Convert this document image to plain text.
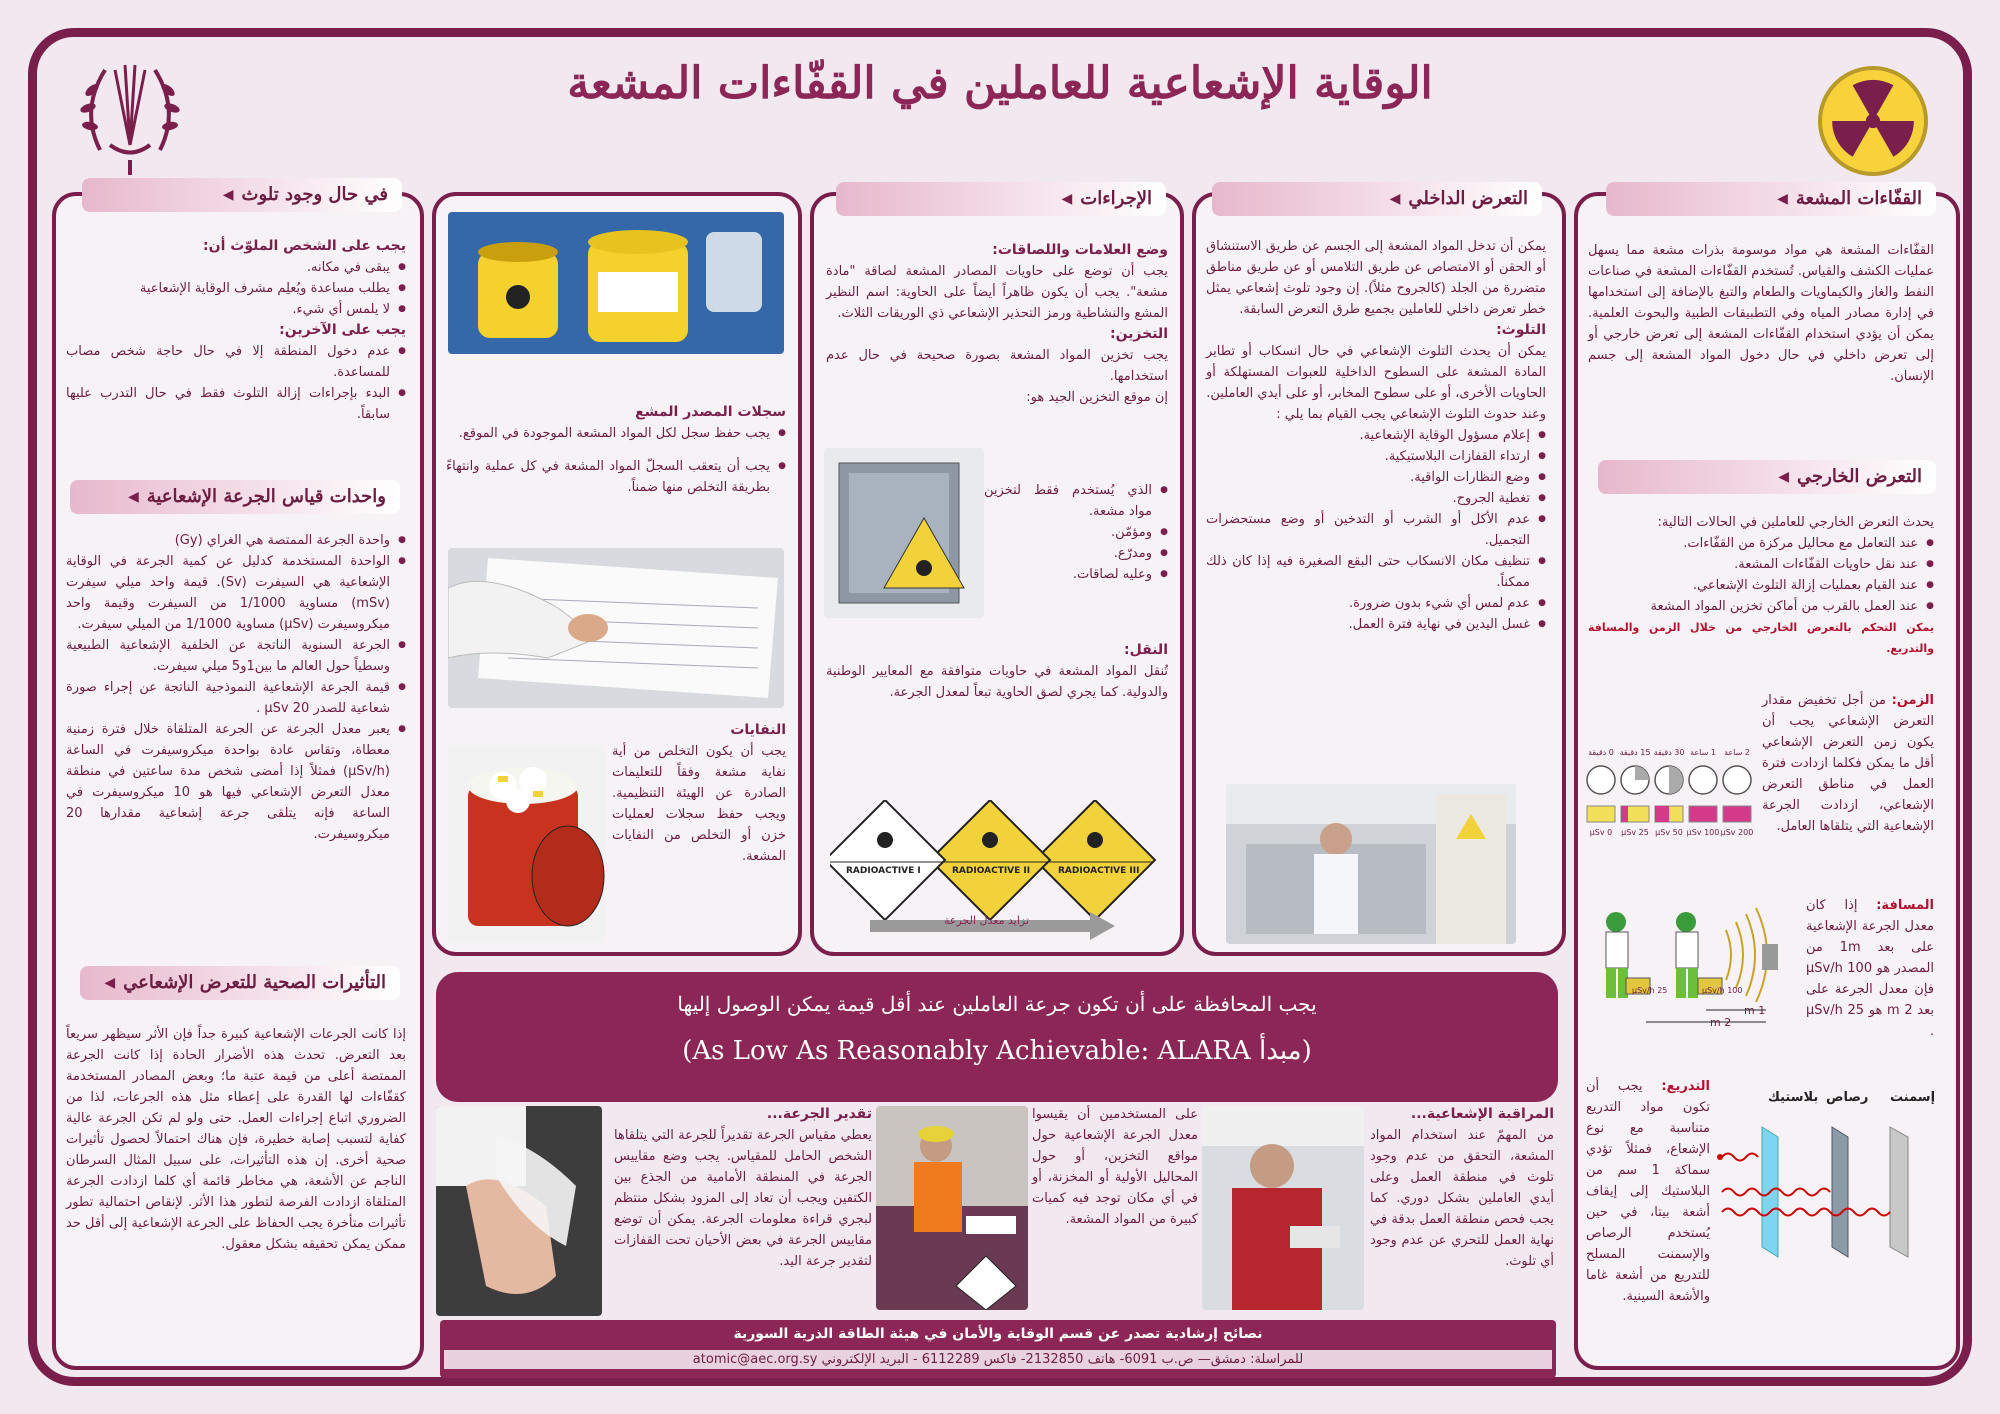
الوقاية الإشعاعية للعاملين في القفّاءات المشعة
القفّاءات المشعة
◀
القفّاءات المشعة هي مواد موسومة بذرات مشعة مما يسهل عمليات الكشف والقياس. تُستخدم القفّاءات المشعة في صناعات النفط والغاز والكيماويات والطعام والتبغ بالإضافة إلى استخدامها في إدارة مصادر المياه وفي التطبيقات الطبية والبحوث العلمية. يمكن أن يؤدي استخدام القفّاءات المشعة إلى تعرض خارجي أو إلى تعرض داخلي في حال دخول المواد المشعة إلى جسم الإنسان.
التعرض الخارجي
◀

يحدث التعرض الخارجي للعاملين في الحالات التالية:

● عند التعامل مع محاليل مركزة من القفّاءات.
● عند نقل حاويات القفّاءات المشعة.
● عند القيام بعمليات إزالة التلوث الإشعاعي.
● عند العمل بالقرب من أماكن تخزين المواد المشعة

يمكن التحكم بالتعرض الخارجي من خلال الزمن والمسافة والتدريع.

الزمن: من أجل تخفيض مقدار التعرض الإشعاعي يجب أن يكون زمن التعرض الإشعاعي أقل ما يمكن فكلما ازدادت فترة العمل في مناطق التعرض الإشعاعي، ازدادت الجرعة الإشعاعية التي يتلقاها العامل.
0 دقيقة 15 دقيقة 30 دقيقة 1 ساعة	2 ساعة
0 µSv	25 µSv 50 µSv 100 µSv 200 µSv
المسافة: إذا كان معدل الجرعة الإشعاعية على بعد 1m من المصدر هو 100 µSv/h فإن معدل الجرعة على بعد 2 m هو 25 µSv/h .
1 m
2 m
25 µSv/h	100 µSv/h
التدريع: يجب أن تكون مواد التدريع متناسبة مع نوع الإشعاع، فمثلاً تؤدي سماكة 1 سم من البلاستيك إلى إيقاف أشعة بيتا، في حين يُستخدم الرصاص والإسمنت المسلح للتدريع من أشعة غاما والأشعة السينية.
إسمنت
رصاص
بلاستيك
التعرض الداخلي
◀

يمكن أن تدخل المواد المشعة إلى الجسم عن طريق الاستنشاق أو الحقن أو الامتصاص عن طريق التلامس أو عن طريق مناطق متضررة من الجلد (كالجروح مثلاً). إن وجود تلوث إشعاعي يمثل خطر تعرض داخلي للعاملين بجميع طرق التعرض السابقة.

التلوث:

يمكن أن يحدث التلوث الإشعاعي في حال انسكاب أو تطاير المادة المشعة على السطوح الداخلية للعبوات المستهلكة أو الحاويات الأخرى، أو على سطوح المخابر، أو على أيدي العاملين.

وعند حدوث التلوث الإشعاعي يجب القيام بما يلي :

● إعلام مسؤول الوقاية الإشعاعية.
● ارتداء القفازات البلاستيكية.
● وضع النظارات الواقية.
● تغطية الجروح.
● عدم الأكل أو الشرب أو التدخين أو وضع مستحضرات التجميل.
● تنظيف مكان الانسكاب حتى البقع الصغيرة فيه إذا كان ذلك ممكناً.
● عدم لمس أي شيء بدون ضرورة.
● غسل اليدين في نهاية فترة العمل.
الإجراءات
◀

وضع العلامات واللصاقات:

يجب أن توضع على حاويات المصادر المشعة لصاقة "مادة مشعة". يجب أن يكون ظاهراً أيضاً على الحاوية: اسم النظير المشع والنشاطية ورمز التحذير الإشعاعي ذي الوريقات الثلاث.

التخزين:

يجب تخزين المواد المشعة بصورة صحيحة في حال عدم استخدامها.

إن موقع التخزين الجيد هو:

● الذي يُستخدم فقط لتخزين مواد مشعة.
● ومؤمّن.
● ومدرّع.
● وعليه لصاقات.

النقل:

تُنقل المواد المشعة في حاويات متوافقة مع المعايير الوطنية والدولية. كما يجري لصق الحاوية تبعاً لمعدل الجرعة.

RADIOACTIVE I	RADIOACTIVE II	RADIOACTIVE III
تزايد معدل الجرعة

سجلات المصدر المشع

● يجب حفظ سجل لكل المواد المشعة الموجودة في الموقع.
● يجب أن يتعقب السجلّ المواد المشعة في كل عملية وانتهاءً بطريقة التخلص منها ضمناً.

النفايات

يجب أن يكون التخلص من أية نفاية مشعة وفقاً للتعليمات الصادرة عن الهيئة التنظيمية. ويجب حفظ سجلات لعمليات خزن أو التخلص من النفايات المشعة.

في حال وجود تلوث
◀

يجب على الشخص الملوّث أن:

● يبقى في مكانه.
● يطلب مساعدة ويُعلِم مشرف الوقاية الإشعاعية
● لا يلمس أي شيء.

يجب على الآخرين:

● عدم دخول المنطقة إلا في حال حاجة شخص مصاب للمساعدة.
● البدء بإجراءات إزالة التلوث فقط في حال التدرب عليها سابقاً.
واحدات قياس الجرعة الإشعاعية
◀
● واحدة الجرعة الممتصة هي الغراي (Gy)
● الواحدة المستخدمة كدليل عن كمية الجرعة في الوقاية الإشعاعية هي السيفرت (Sv). قيمة واحد ميلي سيفرت (mSv) مساوية 1/1000 من السيفرت وقيمة واحد ميكروسيفرت (µSv) مساوية 1/1000 من الميلي سيفرت.
● الجرعة السنوية الناتجة عن الخلفية الإشعاعية الطبيعية وسطياً حول العالم ما بين1و5 ميلي سيفرت.
● قيمة الجرعة الإشعاعية النموذجية الناتجة عن إجراء صورة شعاعية للصدر 20 µSv .
● يعبر معدل الجرعة عن الجرعة المتلقاة خلال فترة زمنية معطاة، وتقاس عادة بواحدة ميكروسيفرت في الساعة (µSv/h) فمثلاً إذا أمضى شخص مدة ساعتين في منطقة معدل التعرض الإشعاعي فيها هو 10 ميكروسيفرت في الساعة فإنه يتلقى جرعة إشعاعية مقدارها 20 ميكروسيفرت.
التأثيرات الصحية للتعرض الإشعاعي
◀
إذا كانت الجرعات الإشعاعية كبيرة جداً فإن الأثر سيظهر سريعاً بعد التعرض. تحدث هذه الأضرار الحادة إذا كانت الجرعة الممتصة أعلى من قيمة عتبة ما؛ وبعض المصادر المستخدمة كقفّاءات لها القدرة على إعطاء مثل هذه الجرعات، لذا من الضروري اتباع إجراءات العمل. حتى ولو لم تكن الجرعة عالية كفاية لتسبب إصابة خطيرة، فإن هناك احتمالاً لحصول تأثيرات صحية أخرى. إن هذه التأثيرات، على سبيل المثال السرطان الناجم عن الأشعة، هي مخاطر قائمة أي كلما ازدادت الجرعة المتلقاة ازدادت الفرصة لتطور هذا الأثر. لإنقاص احتمالية تطور تأثيرات متأخرة يجب الحفاظ على الجرعة الإشعاعية إلى أقل حد ممكن يمكن تحقيقه بشكل معقول.
يجب المحافظة على أن تكون جرعة العاملين عند أقل قيمة يمكن الوصول إليها
(As Low As Reasonably Achievable: ALARA مبدأ)

المراقبة الإشعاعية...

من المهمّ عند استخدام المواد المشعة، التحقق من عدم وجود تلوث في منطقة العمل وعلى أيدي العاملين بشكل دوري. كما يجب فحص منطقة العمل بدقة في نهاية العمل للتحري عن عدم وجود أي تلوث.

على المستخدمين أن يقيسوا معدل الجرعة الإشعاعية حول مواقع التخزين، أو حول المحاليل الأولية أو المخزنة، أو في أي مكان توجد فيه كميات كبيرة من المواد المشعة.

تقدير الجرعة...

يعطي مقياس الجرعة تقديراً للجرعة التي يتلقاها الشخص الحامل للمقياس. يجب وضع مقاييس الجرعة في المنطقة الأمامية من الجذع بين الكتفين ويجب أن تعاد إلى المزود بشكل منتظم لبجري قراءة معلومات الجرعة. يمكن أن توضع مقاييس الجرعة في بعض الأحيان تحت القفازات لتقدير جرعة اليد.

نصائح إرشادية تصدر عن قسم الوقاية والأمان في هيئة الطاقة الذرية السورية
للمراسلة: دمشق— ص.ب 6091- هاتف 2132850- فاكس 6112289 - البريد الإلكتروني atomic@aec.org.sy
